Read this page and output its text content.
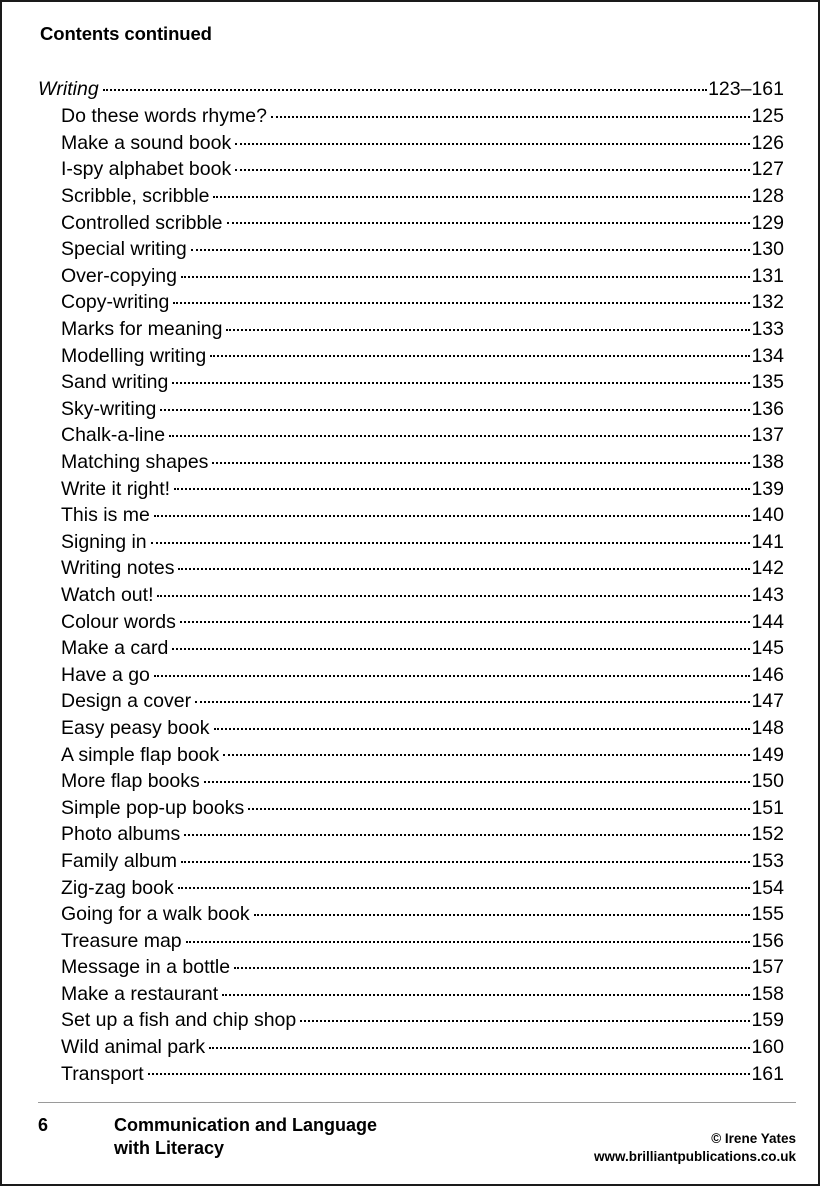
Contents continued
Writing	123–161
Do these words rhyme?	125
Make a sound book	126
I-spy alphabet book	127
Scribble, scribble	128
Controlled scribble	129
Special writing	130
Over-copying	131
Copy-writing	132
Marks for meaning	133
Modelling writing	134
Sand writing	135
Sky-writing	136
Chalk-a-line	137
Matching shapes	138
Write it right!	139
This is me	140
Signing in	141
Writing notes	142
Watch out!	143
Colour words	144
Make a card	145
Have a go	146
Design a cover	147
Easy peasy book	148
A simple flap book	149
More flap books	150
Simple pop-up books	151
Photo albums	152
Family album	153
Zig-zag book	154
Going for a walk book	155
Treasure map	156
Message in a bottle	157
Make a restaurant	158
Set up a fish and chip shop	159
Wild animal park	160
Transport	161
6	Communication and Language
with Literacy	© Irene Yates
www.brilliantpublications.co.uk
